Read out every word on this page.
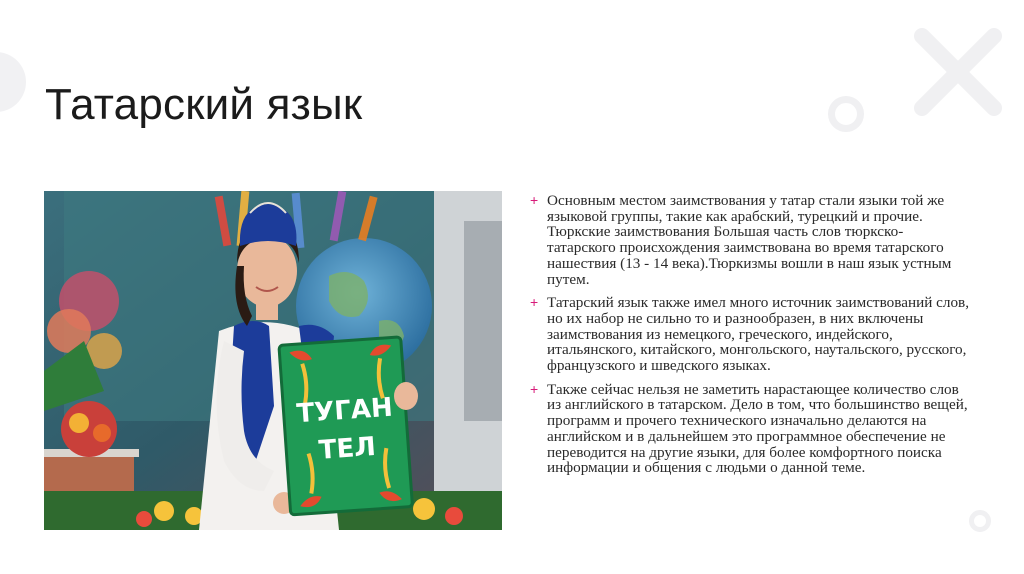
Татарский язык
ТУГАН
ТЕЛ
+ Основным местом заимствования у татар стали языки той же языковой группы, такие как арабский, турецкий и прочие. Тюркские заимствования Большая часть слов тюркско-татарского происхождения заимствована во время татарского нашествия (13 - 14 века).Тюркизмы вошли в наш язык устным путем.
+ Татарский язык также имел много источник заимствований слов, но их набор не сильно то и разнообразен, в них включены заимствования из немецкого, греческого, индейского, итальянского, китайского, монгольского, наутальского, русского, французского и шведского языках.
+ Также сейчас нельзя не заметить нарастающее количество слов из английского в татарском. Дело в том, что большинство вещей, программ и прочего технического изначально делаются на английском и в дальнейшем это программное обеспечение не переводится на другие языки, для более комфортного поиска информации и общения с людьми о данной теме.
